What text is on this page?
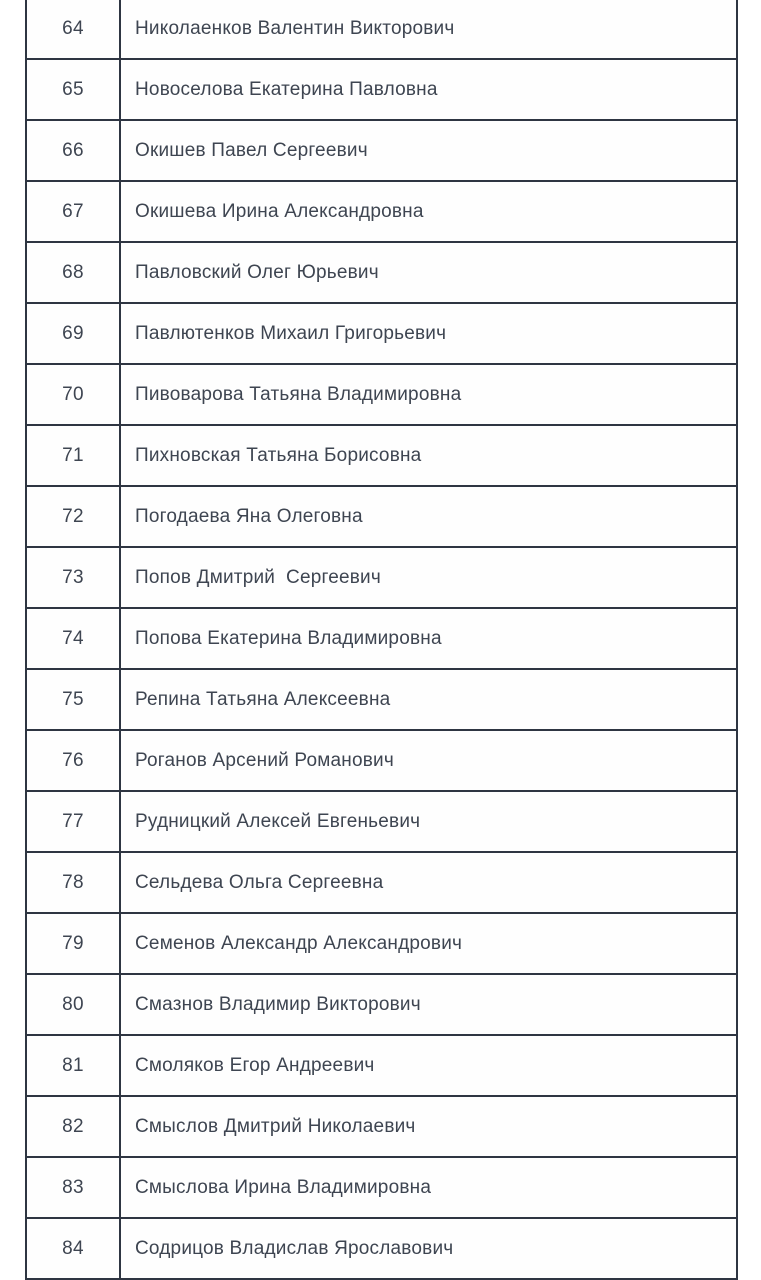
64	Николаенков Валентин Викторович
65	Новоселова Екатерина Павловна
66	Окишев Павел Сергеевич
67	Окишева Ирина Александровна
68	Павловский Олег Юрьевич
69	Павлютенков Михаил Григорьевич
70	Пивоварова Татьяна Владимировна
71	Пихновская Татьяна Борисовна
72	Погодаева Яна Олеговна
73	Попов Дмитрий  Сергеевич
74	Попова Екатерина Владимировна
75	Репина Татьяна Алексеевна
76	Роганов Арсений Романович
77	Рудницкий Алексей Евгеньевич
78	Сельдева Ольга Сергеевна
79	Семенов Александр Александрович
80	Смазнов Владимир Викторович
81	Смоляков Егор Андреевич
82	Смыслов Дмитрий Николаевич
83	Смыслова Ирина Владимировна
84	Содрицов Владислав Ярославович
